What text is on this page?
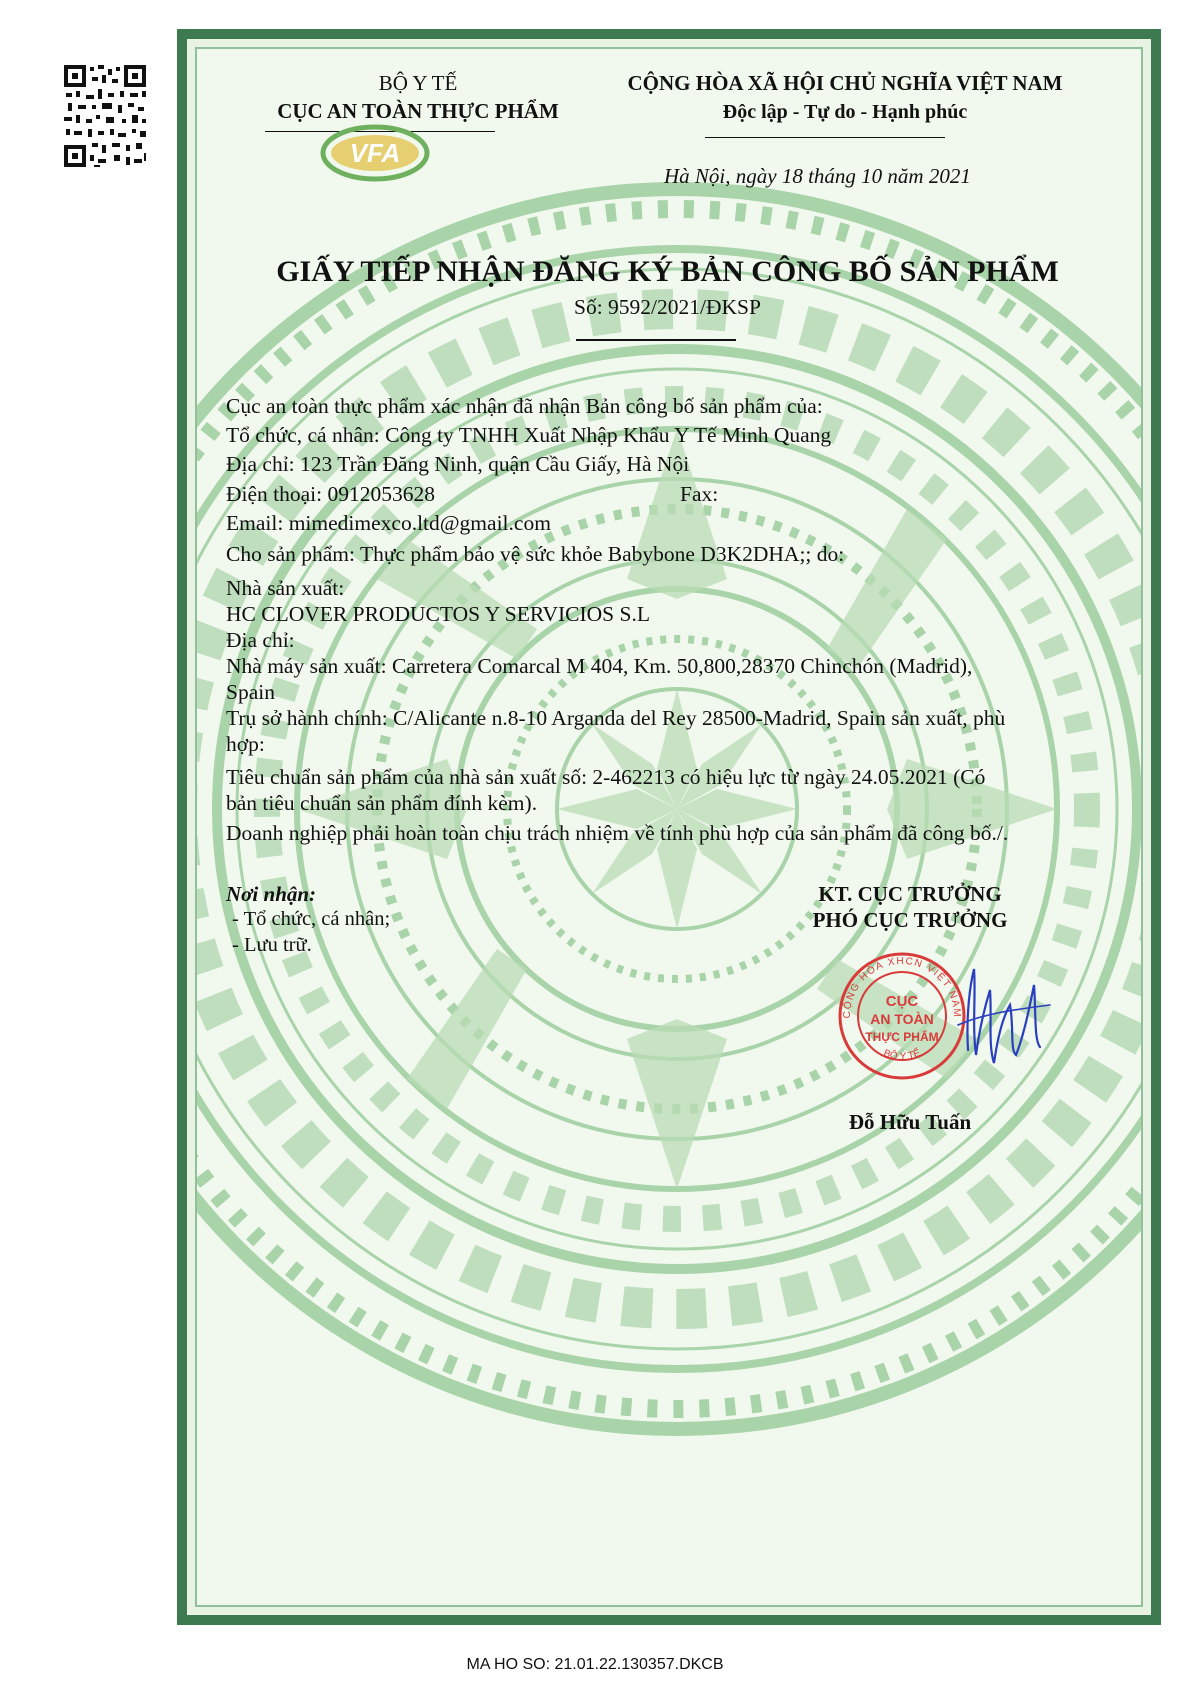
BỘ Y TẾ
CỤC AN TOÀN THỰC PHẨM
VFA
CỘNG HÒA XÃ HỘI CHỦ NGHĨA VIỆT NAM
Độc lập - Tự do - Hạnh phúc
Hà Nội, ngày 18 tháng 10 năm 2021
GIẤY TIẾP NHẬN ĐĂNG KÝ BẢN CÔNG BỐ SẢN PHẨM
Số: 9592/2021/ĐKSP
Cục an toàn thực phẩm xác nhận đã nhận Bản công bố sản phẩm của:
Tổ chức, cá nhân: Công ty TNHH Xuất Nhập Khẩu Y Tế Minh Quang
Địa chỉ: 123 Trần Đăng Ninh, quận Cầu Giấy, Hà Nội
Điện thoại: 0912053628	Fax:
Email: mimedimexco.ltd@gmail.com
Cho sản phẩm: Thực phẩm bảo vệ sức khỏe Babybone D3K2DHA;; do:
Nhà sản xuất:
HC CLOVER PRODUCTOS Y SERVICIOS S.L
Địa chỉ:
Nhà máy sản xuất: Carretera Comarcal M 404, Km. 50,800,28370 Chinchón (Madrid),
Spain
Trụ sở hành chính: C/Alicante n.8-10 Arganda del Rey 28500-Madrid, Spain sản xuất, phù
hợp:
Tiêu chuẩn sản phẩm của nhà sản xuất số: 2-462213 có hiệu lực từ ngày 24.05.2021 (Có
bản tiêu chuẩn sản phẩm đính kèm).
Doanh nghiệp phải hoàn toàn chịu trách nhiệm về tính phù hợp của sản phẩm đã công bố./.
Nơi nhận:
- Tổ chức, cá nhân;
- Lưu trữ.
KT. CỤC TRƯỞNG
PHÓ CỤC TRƯỞNG
CỘNG HÒA XHCN VIỆT NAM
BỘ Y TẾ
CỤC
AN TOÀN
THỰC PHẨM
Đỗ Hữu Tuấn
MA HO SO: 21.01.22.130357.DKCB
